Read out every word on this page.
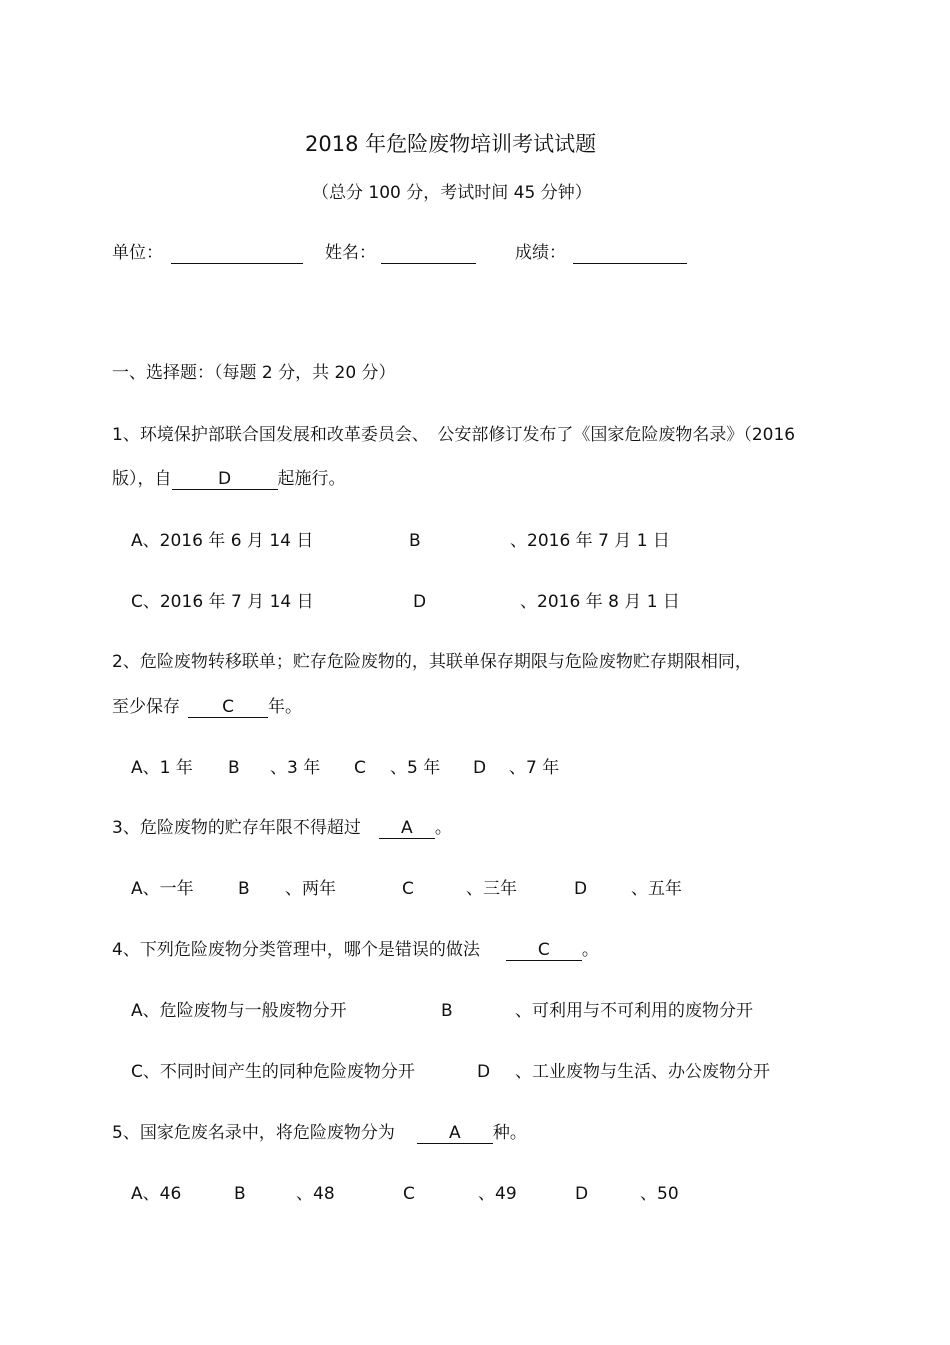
2018 年危险废物培训考试试题
（总分 100 分，考试时间 45 分钟）
单位：	姓名：	成绩：
一、选择题：（每题 2 分，共 20 分）
1、环境保护部联合国发展和改革委员会、　公安部修订发布了《国家危险废物名录》（2016
版），自	D	起施行。
A、2016 年 6 月 14 日	B	、2016 年 7 月 1 日
C、2016 年 7 月 14 日	D	、2016 年 8 月 1 日
2、危险废物转移联单；贮存危险废物的，其联单保存期限与危险废物贮存期限相同，
至少保存 C 年。
A、1 年 B 、3 年 C 、5 年 D 、7 年
3、危险废物的贮存年限不得超过 A 。
A、一年	B 、两年	C	、三年	D	、五年
4、下列危险废物分类管理中，哪个是错误的做法	C 。
A、危险废物与一般废物分开	B	、可利用与不可利用的废物分开
C、不同时间产生的同种危险废物分开	D 、工业废物与生活、办公废物分开
5、国家危废名录中，将危险废物分为	A 种。
A、46	B	、48	C	、49	D	、50
